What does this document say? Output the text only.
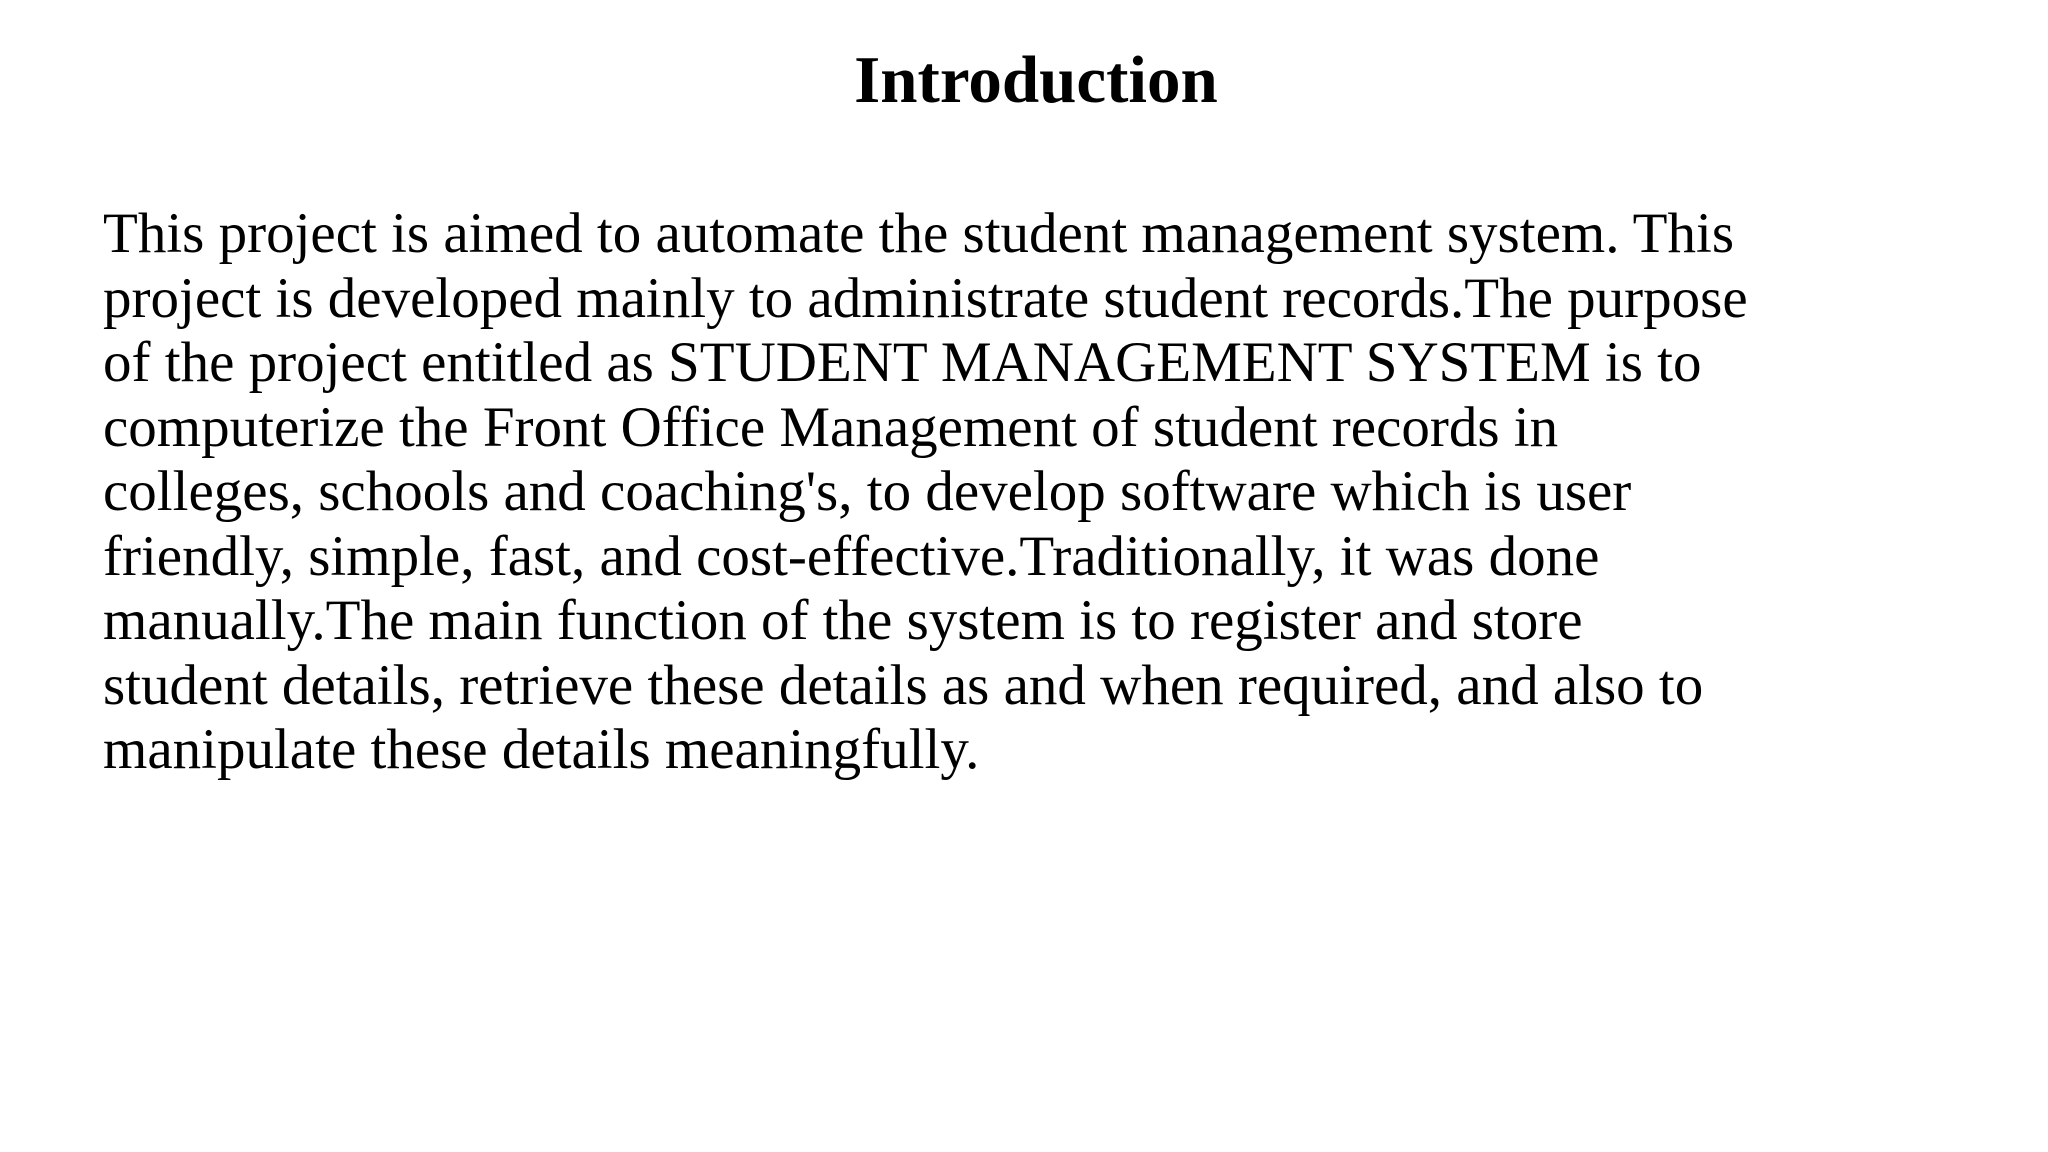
Introduction

This project is aimed to automate the student management system. This
project is developed mainly to administrate student records.The purpose
of the project entitled as STUDENT MANAGEMENT SYSTEM is to
computerize the Front Office Management of student records in
colleges, schools and coaching's, to develop software which is user
friendly, simple, fast, and cost-effective.Traditionally, it was done
manually.The main function of the system is to register and store
student details, retrieve these details as and when required, and also to
manipulate these details meaningfully.
